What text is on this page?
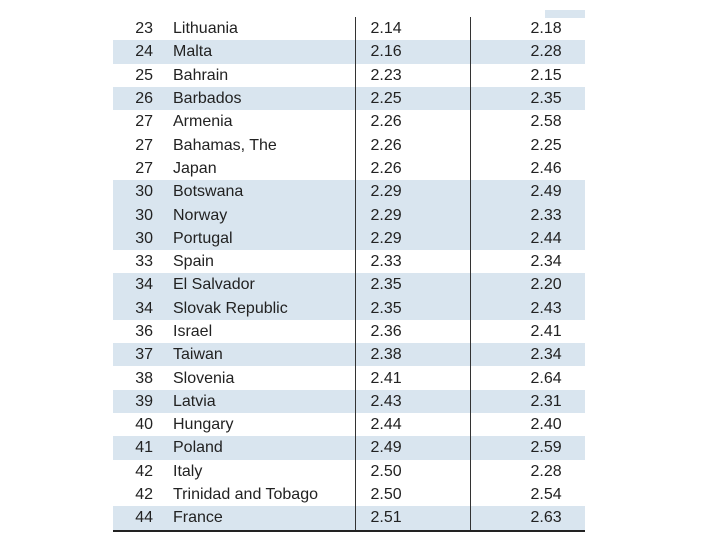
23	Lithuania	2.14	2.18
24	Malta	2.16	2.28
25	Bahrain	2.23	2.15
26	Barbados	2.25	2.35
27	Armenia	2.26	2.58
27	Bahamas, The	2.26	2.25
27	Japan	2.26	2.46
30	Botswana	2.29	2.49
30	Norway	2.29	2.33
30	Portugal	2.29	2.44
33	Spain	2.33	2.34
34	El Salvador	2.35	2.20
34	Slovak Republic	2.35	2.43
36	Israel	2.36	2.41
37	Taiwan	2.38	2.34
38	Slovenia	2.41	2.64
39	Latvia	2.43	2.31
40	Hungary	2.44	2.40
41	Poland	2.49	2.59
42	Italy	2.50	2.28
42	Trinidad and Tobago	2.50	2.54
44	France	2.51	2.63
